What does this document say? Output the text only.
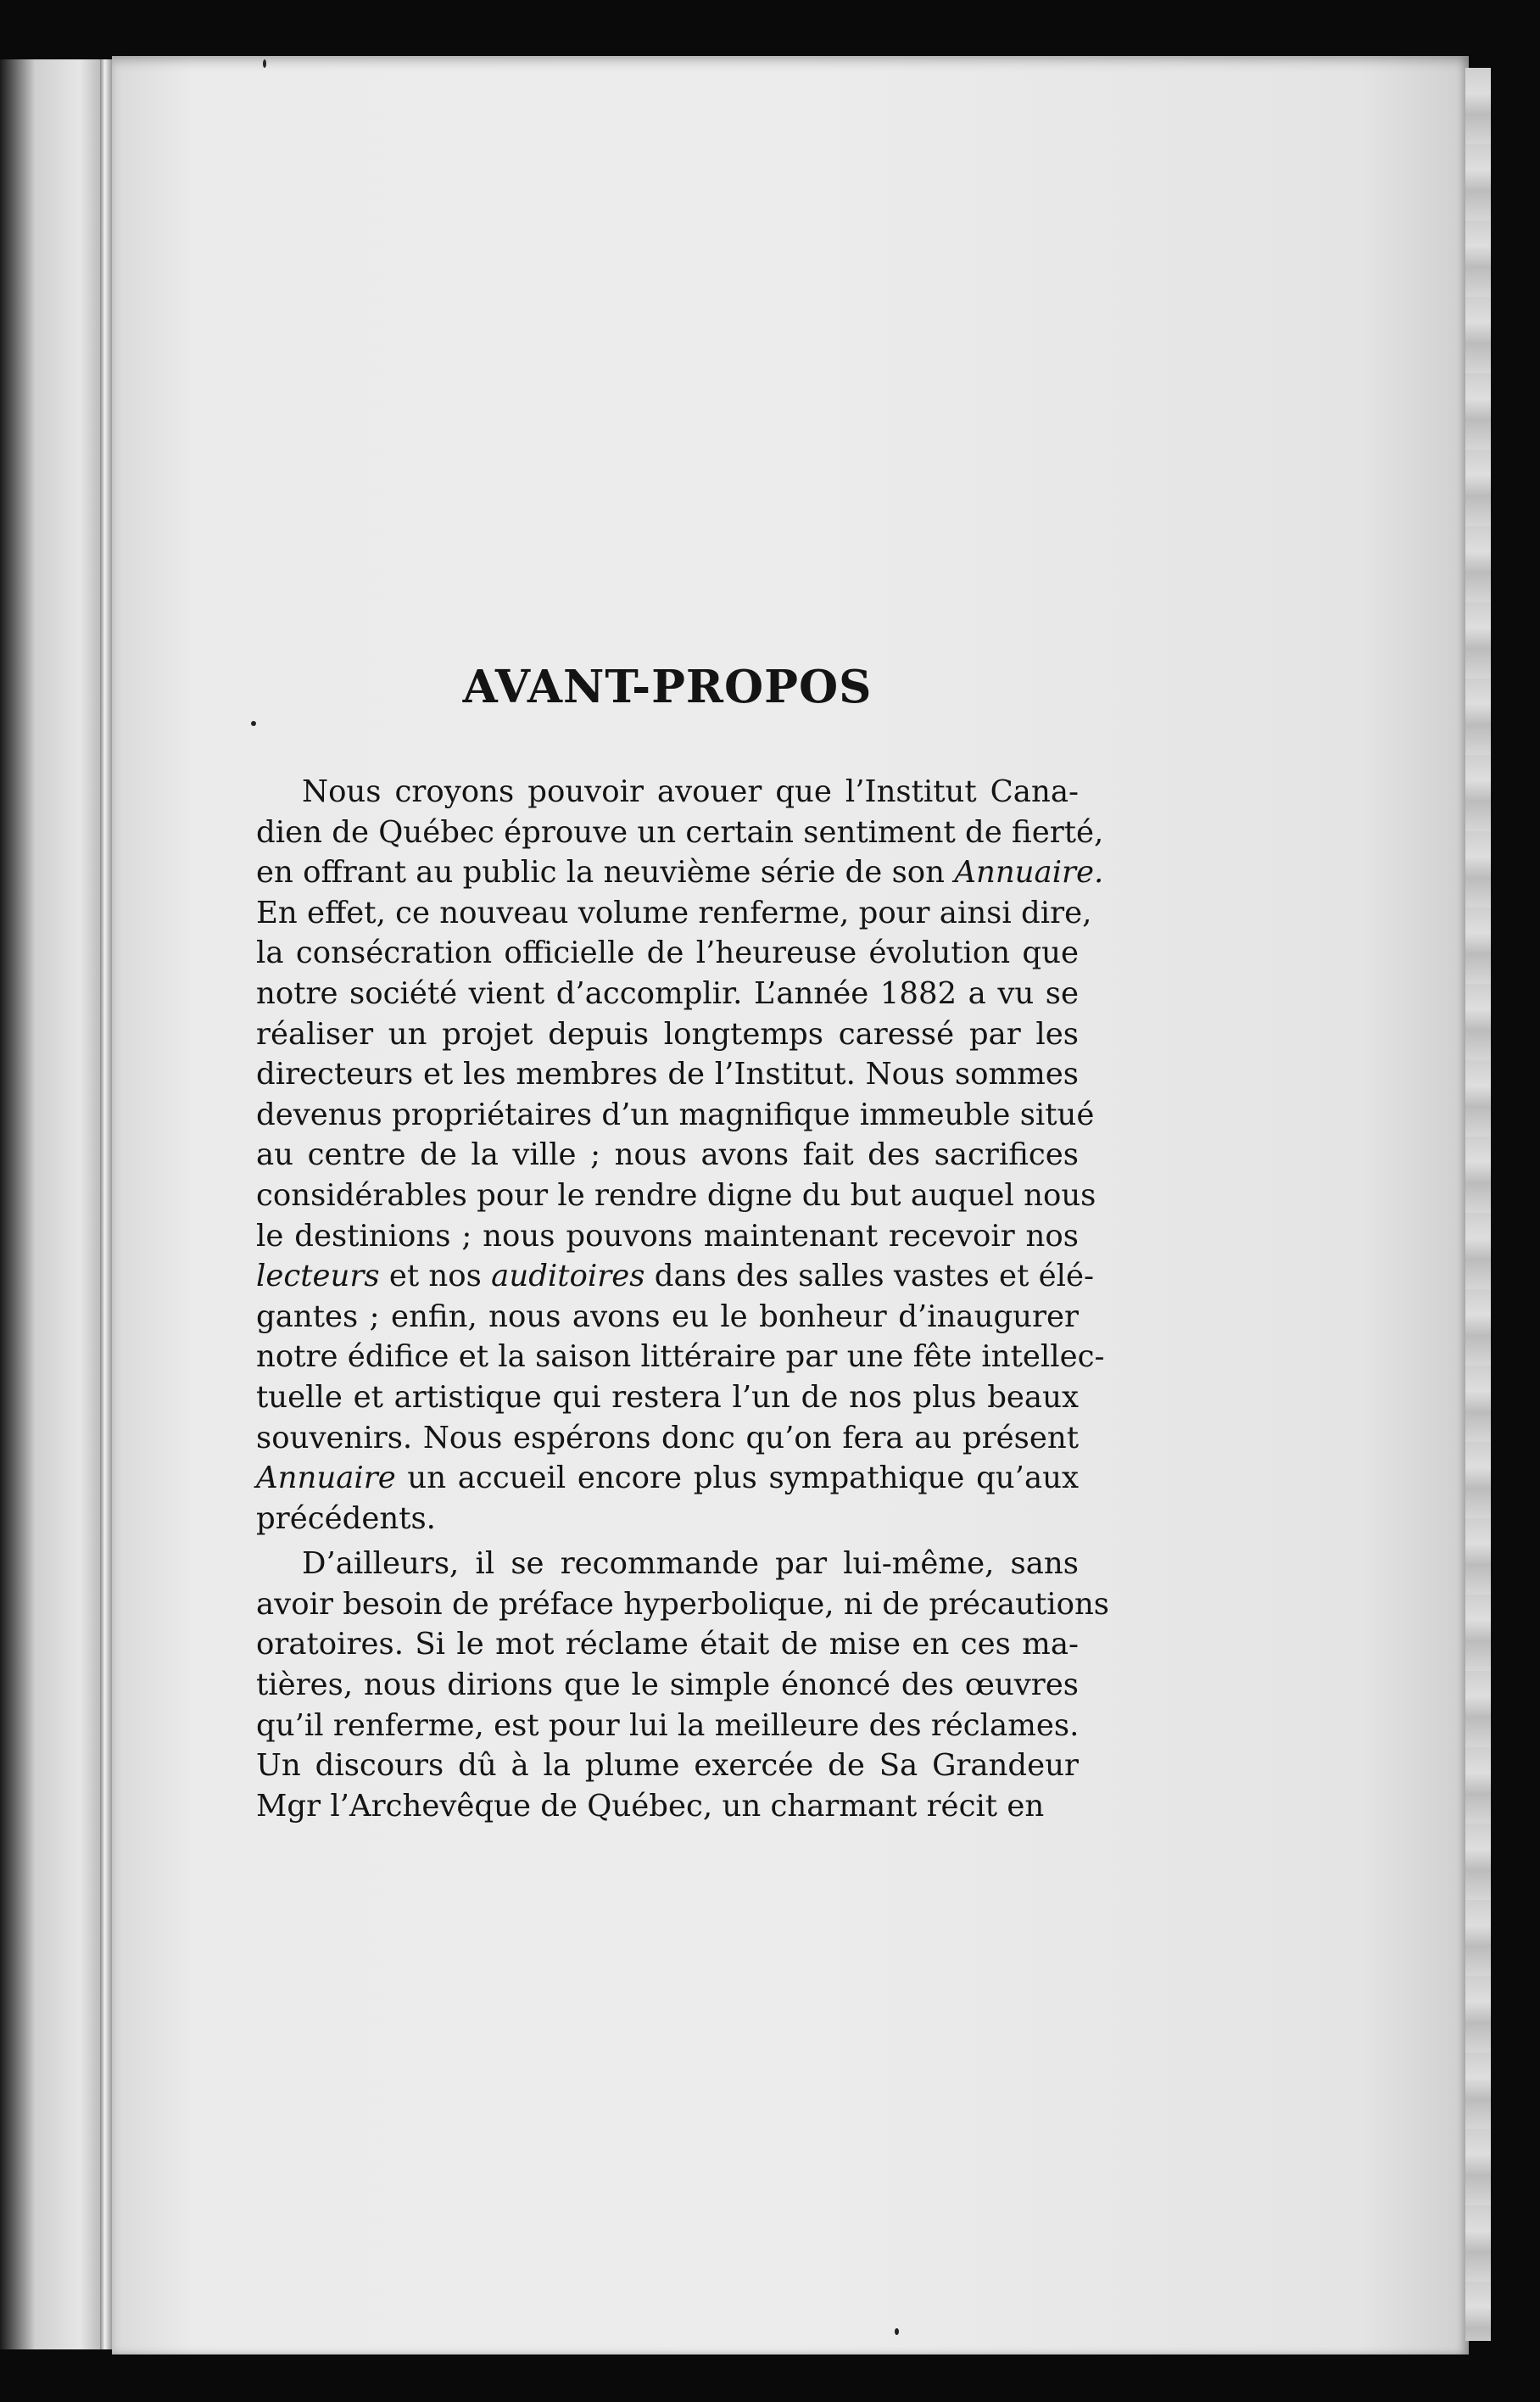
AVANT-PROPOS

Nous croyons pouvoir avouer que l’Institut Cana-
dien de Québec éprouve un certain sentiment de fierté,
en offrant au public la neuvième série de son Annuaire.
En effet, ce nouveau volume renferme, pour ainsi dire,
la consécration officielle de l’heureuse évolution que
notre société vient d’accomplir. L’année 1882 a vu se
réaliser un projet depuis longtemps caressé par les
directeurs et les membres de l’Institut. Nous sommes
devenus propriétaires d’un magnifique immeuble situé
au centre de la ville ; nous avons fait des sacrifices
considérables pour le rendre digne du but auquel nous
le destinions ; nous pouvons maintenant recevoir nos
lecteurs et nos auditoires dans des salles vastes et élé-
gantes ; enfin, nous avons eu le bonheur d’inaugurer
notre édifice et la saison littéraire par une fête intellec-
tuelle et artistique qui restera l’un de nos plus beaux
souvenirs. Nous espérons donc qu’on fera au présent
Annuaire un accueil encore plus sympathique qu’aux
précédents.

D’ailleurs, il se recommande par lui-même, sans
avoir besoin de préface hyperbolique, ni de précautions
oratoires. Si le mot réclame était de mise en ces ma-
tières, nous dirions que le simple énoncé des œuvres
qu’il renferme, est pour lui la meilleure des réclames.
Un discours dû à la plume exercée de Sa Grandeur
Mgr l’Archevêque de Québec, un charmant récit en
